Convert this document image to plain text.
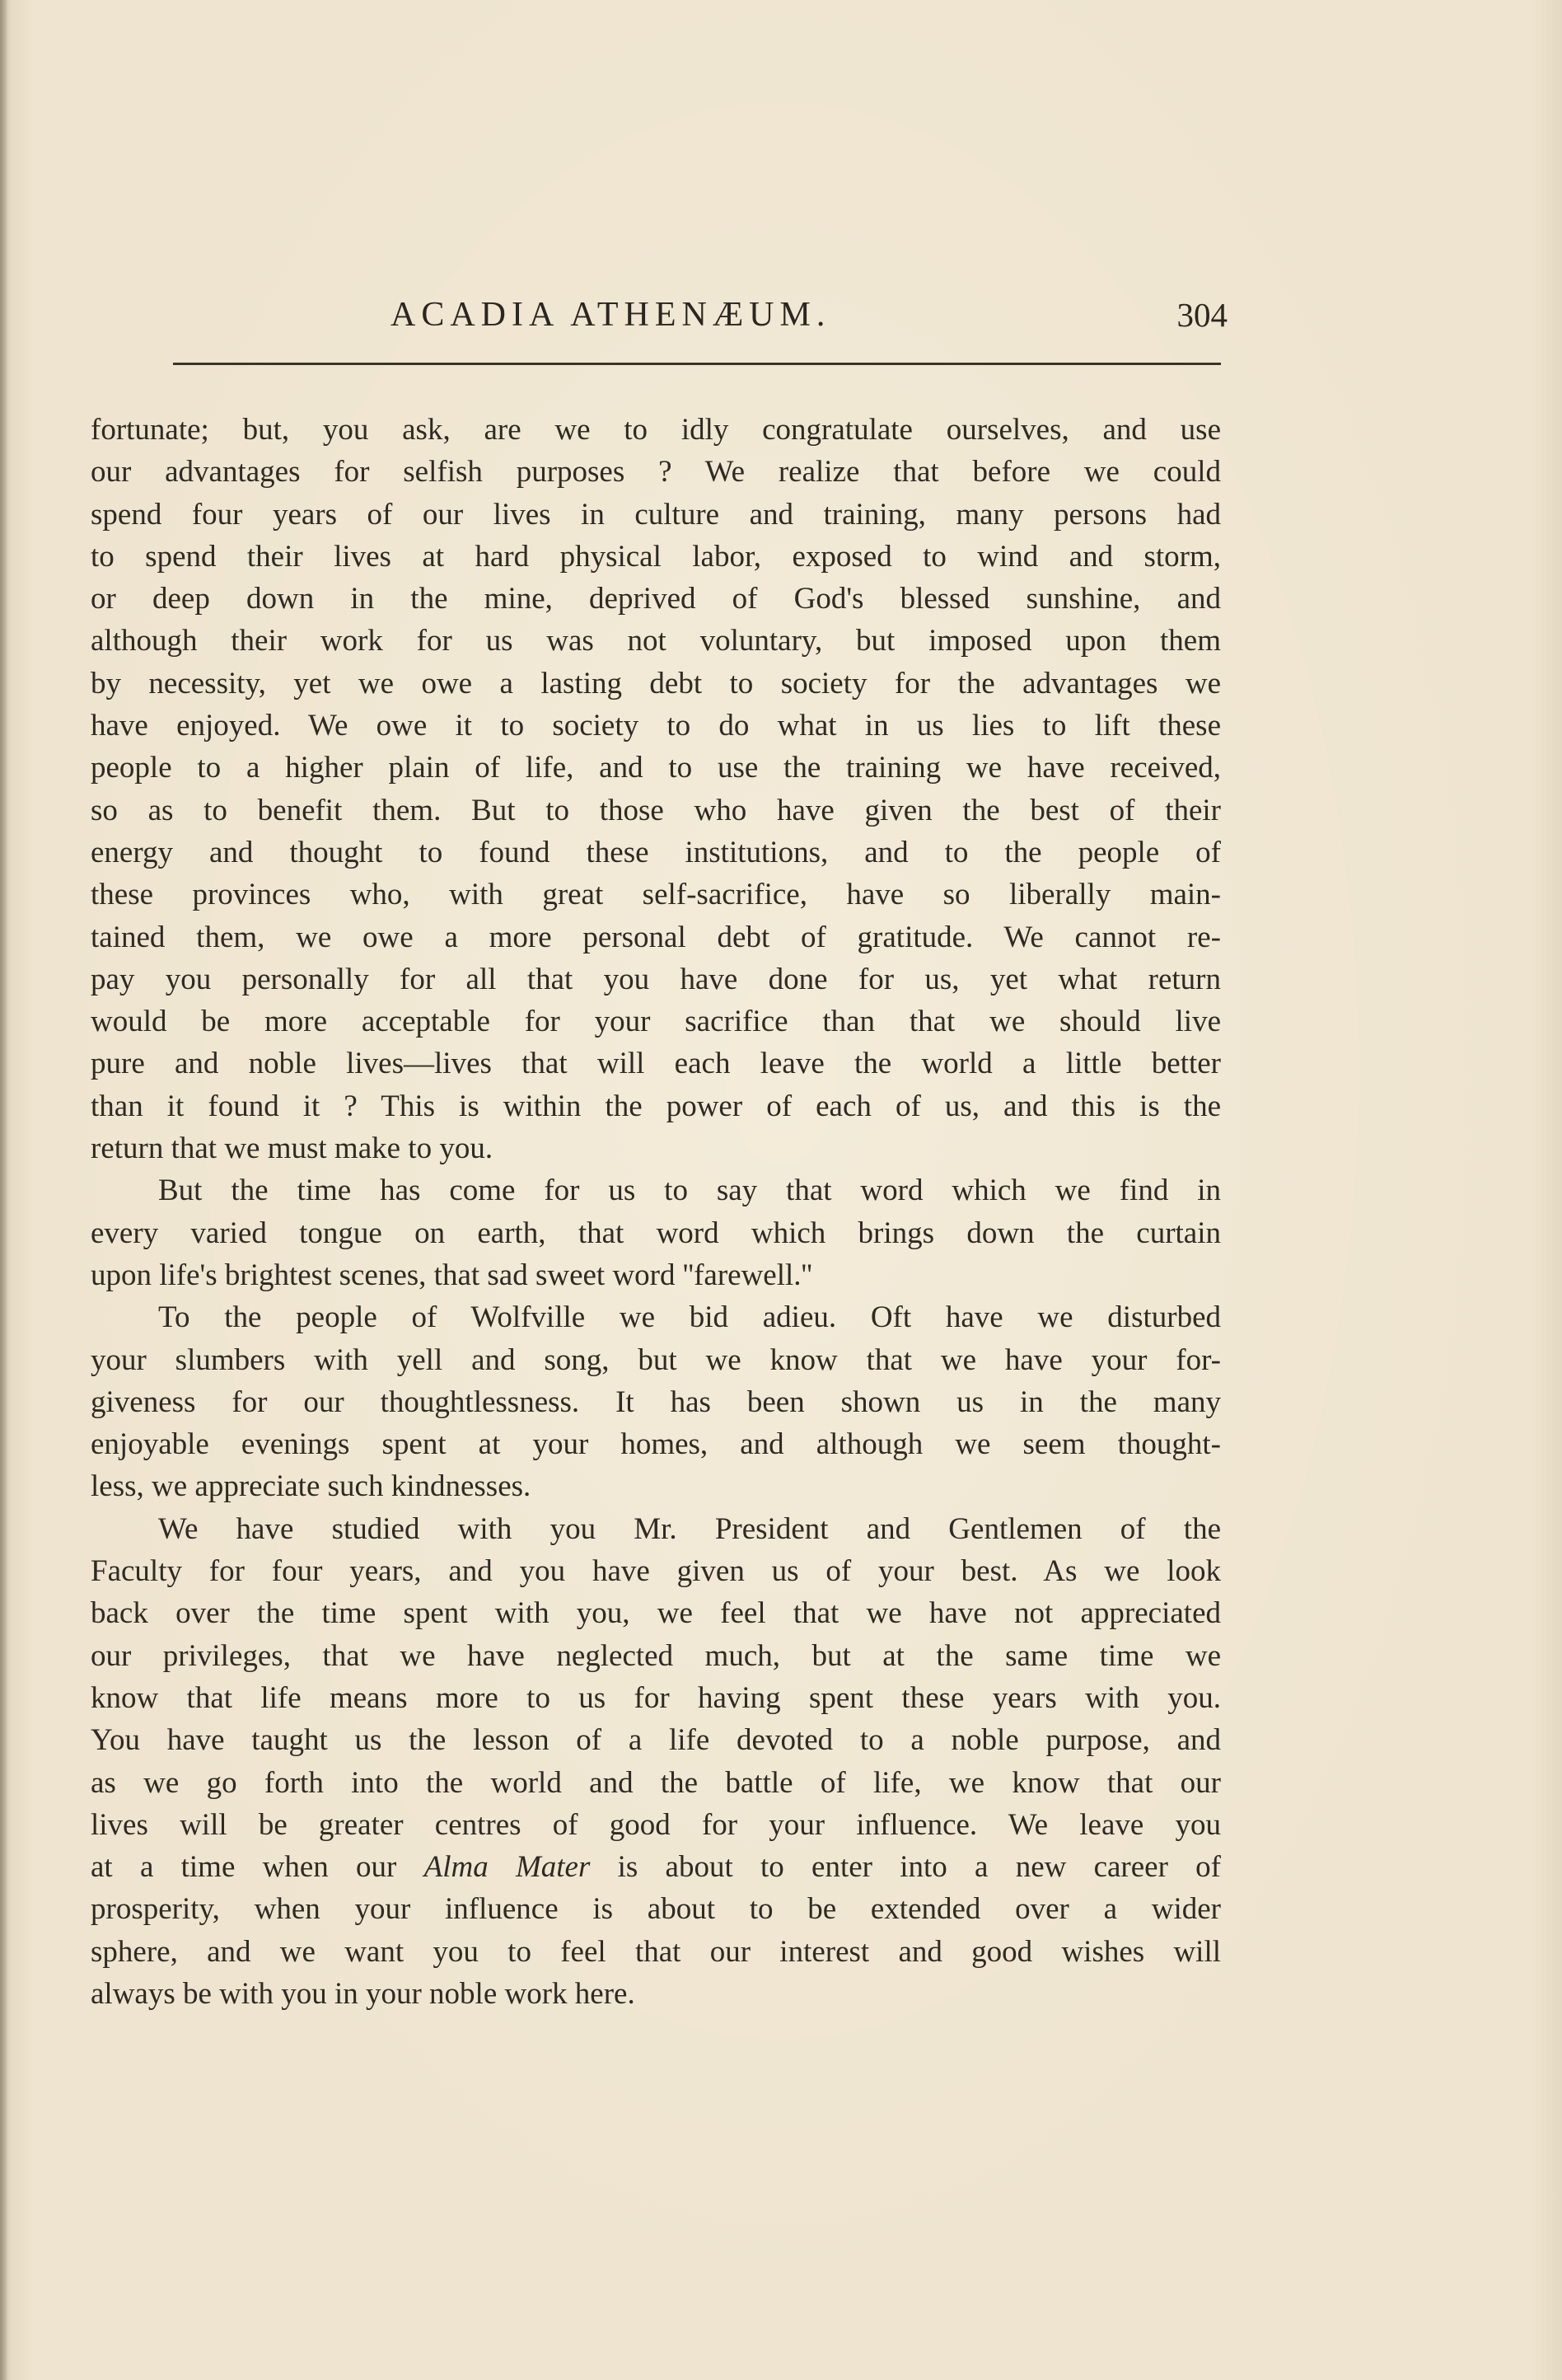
ACADIA ATHENÆUM.	304
fortunate; but, you ask, are we to idly congratulate ourselves, and use
our advantages for selfish purposes ? We realize that before we could
spend four years of our lives in culture and training, many persons had
to spend their lives at hard physical labor, exposed to wind and storm,
or deep down in the mine, deprived of God's blessed sunshine, and
although their work for us was not voluntary, but imposed upon them
by necessity, yet we owe a lasting debt to society for the advantages we
have enjoyed. We owe it to society to do what in us lies to lift these
people to a higher plain of life, and to use the training we have received,
so as to benefit them. But to those who have given the best of their
energy and thought to found these institutions, and to the people of
these provinces who, with great self-sacrifice, have so liberally main-
tained them, we owe a more personal debt of gratitude. We cannot re-
pay you personally for all that you have done for us, yet what return
would be more acceptable for your sacrifice than that we should live
pure and noble lives—lives that will each leave the world a little better
than it found it ? This is within the power of each of us, and this is the
return that we must make to you.
But the time has come for us to say that word which we find in
every varied tongue on earth, that word which brings down the curtain
upon life's brightest scenes, that sad sweet word ''farewell.''
To the people of Wolfville we bid adieu. Oft have we disturbed
your slumbers with yell and song, but we know that we have your for-
giveness for our thoughtlessness. It has been shown us in the many
enjoyable evenings spent at your homes, and although we seem thought-
less, we appreciate such kindnesses.
We have studied with you Mr. President and Gentlemen of the
Faculty for four years, and you have given us of your best. As we look
back over the time spent with you, we feel that we have not appreciated
our privileges, that we have neglected much, but at the same time we
know that life means more to us for having spent these years with you.
You have taught us the lesson of a life devoted to a noble purpose, and
as we go forth into the world and the battle of life, we know that our
lives will be greater centres of good for your influence. We leave you
at a time when our Alma Mater is about to enter into a new career of
prosperity, when your influence is about to be extended over a wider
sphere, and we want you to feel that our interest and good wishes will
always be with you in your noble work here.
